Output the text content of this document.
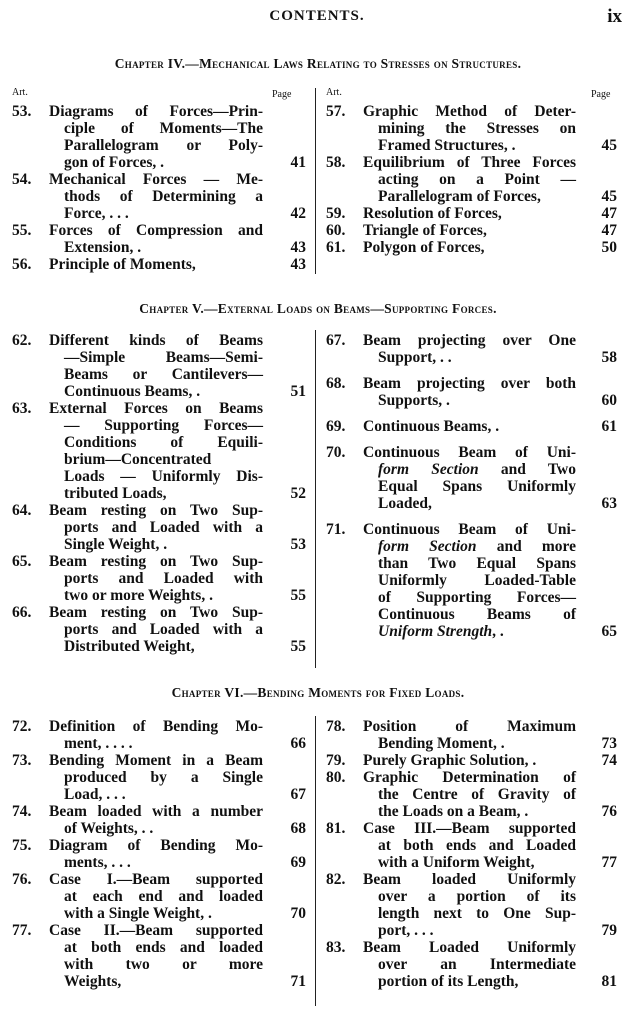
CONTENTS.	ix
Chapter IV.—Mechanical Laws Relating to Stresses on Structures.
Art.	Page	Art.	Page
53. Diagrams of Forces—Prin-
ciple of Moments—The
Parallelogram or Poly-
gon of Forces, .	41
54. Mechanical Forces — Me-
thods of Determining a
Force, . . .	42
55. Forces of Compression and
Extension, .	43
56. Principle of Moments,	43
57. Graphic Method of Deter-
mining the Stresses on
Framed Structures, .	45
58. Equilibrium of Three Forces
acting on a Point —
Parallelogram of Forces,	45
59. Resolution of Forces,	47
60. Triangle of Forces,	47
61. Polygon of Forces,	50
Chapter V.—External Loads on Beams—Supporting Forces.
62. Different kinds of Beams
—Simple Beams—Semi-
Beams or Cantilevers—
Continuous Beams, .	51
63. External Forces on Beams
— Supporting Forces—
Conditions of Equili-
brium—Concentrated
Loads — Uniformly Dis-
tributed Loads,	52
64. Beam resting on Two Sup-
ports and Loaded with a
Single Weight, .	53
65. Beam resting on Two Sup-
ports and Loaded with
two or more Weights, .	55
66. Beam resting on Two Sup-
ports and Loaded with a
Distributed Weight,	55
67. Beam projecting over One
Support, . .	58
68. Beam projecting over both
Supports, .	60
69. Continuous Beams, .	61
70. Continuous Beam of Uni-
form Section and Two
Equal Spans Uniformly
Loaded,	63
71. Continuous Beam of Uni-
form Section and more
than Two Equal Spans
Uniformly Loaded-Table
of Supporting Forces—
Continuous Beams of
Uniform Strength, .	65
Chapter VI.—Bending Moments for Fixed Loads.
72. Definition of Bending Mo-
ment, . . . .	66
73. Bending Moment in a Beam
produced by a Single
Load, . . .	67
74. Beam loaded with a number
of Weights, . .	68
75. Diagram of Bending Mo-
ments, . . .	69
76. Case I.—Beam supported
at each end and loaded
with a Single Weight, .	70
77. Case II.—Beam supported
at both ends and loaded
with two or more
Weights,	71
78. Position of Maximum
Bending Moment, .	73
79. Purely Graphic Solution, .	74
80. Graphic Determination of
the Centre of Gravity of
the Loads on a Beam, .	76
81. Case III.—Beam supported
at both ends and Loaded
with a Uniform Weight,	77
82. Beam loaded Uniformly
over a portion of its
length next to One Sup-
port, . . .	79
83. Beam Loaded Uniformly
over an Intermediate
portion of its Length,	81
